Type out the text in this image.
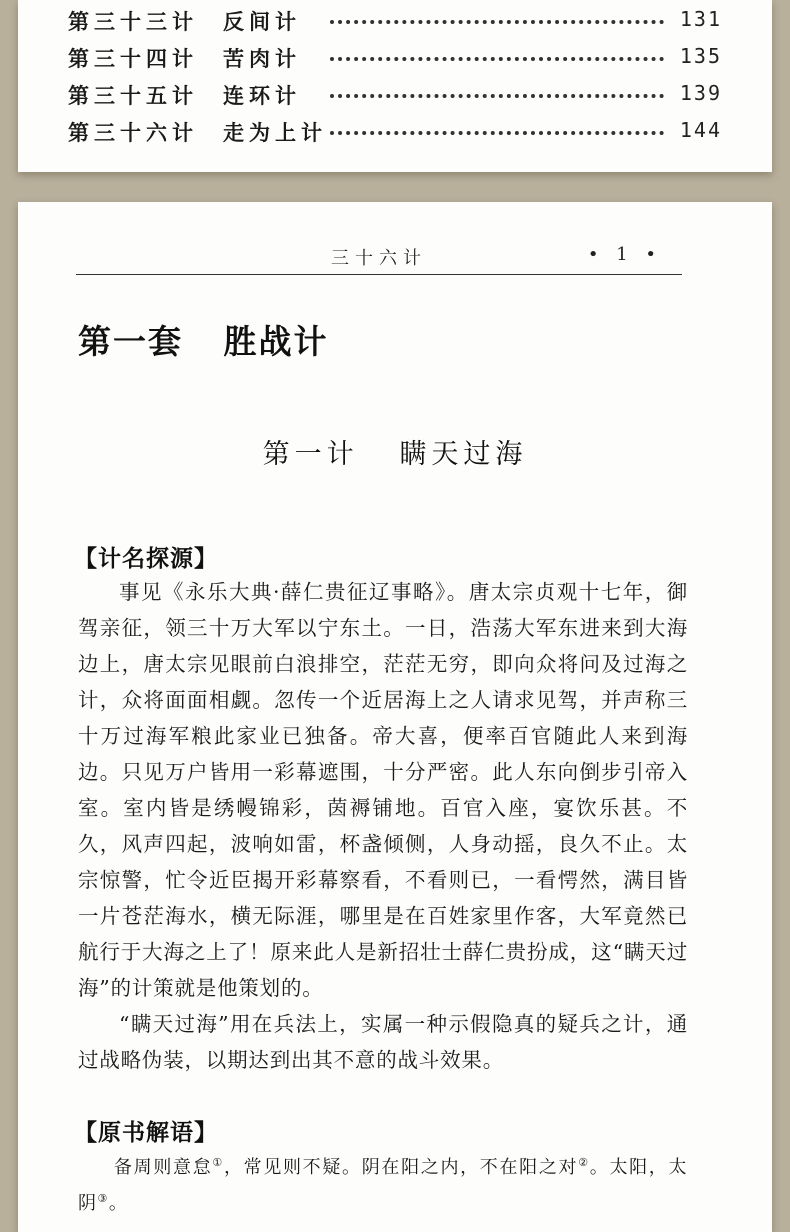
第三十三计 反间计	131
第三十四计 苦肉计	135
第三十五计 连环计	139
第三十六计 走为上计	144
三十六计	• 1 •
第一套   胜战计
第一计   瞒天过海
【计名探源】

事见《永乐大典·薛仁贵征辽事略》。唐太宗贞观十七年，御驾亲征，领三十万大军以宁东土。一日，浩荡大军东进来到大海边上，唐太宗见眼前白浪排空，茫茫无穷，即向众将问及过海之计，众将面面相觑。忽传一个近居海上之人请求见驾，并声称三十万过海军粮此家业已独备。帝大喜，便率百官随此人来到海边。只见万户皆用一彩幕遮围，十分严密。此人东向倒步引帝入室。室内皆是绣幔锦彩，茵褥铺地。百官入座，宴饮乐甚。不久，风声四起，波响如雷，杯盏倾侧，人身动摇，良久不止。太宗惊警，忙令近臣揭开彩幕察看，不看则已，一看愕然，满目皆一片苍茫海水，横无际涯，哪里是在百姓家里作客，大军竟然已航行于大海之上了！原来此人是新招壮士薛仁贵扮成，这“瞒天过海”的计策就是他策划的。

“瞒天过海”用在兵法上，实属一种示假隐真的疑兵之计，通过战略伪装，以期达到出其不意的战斗效果。

【原书解语】

备周则意怠①，常见则不疑。阴在阳之内，不在阳之对②。太阳，太阴③。
